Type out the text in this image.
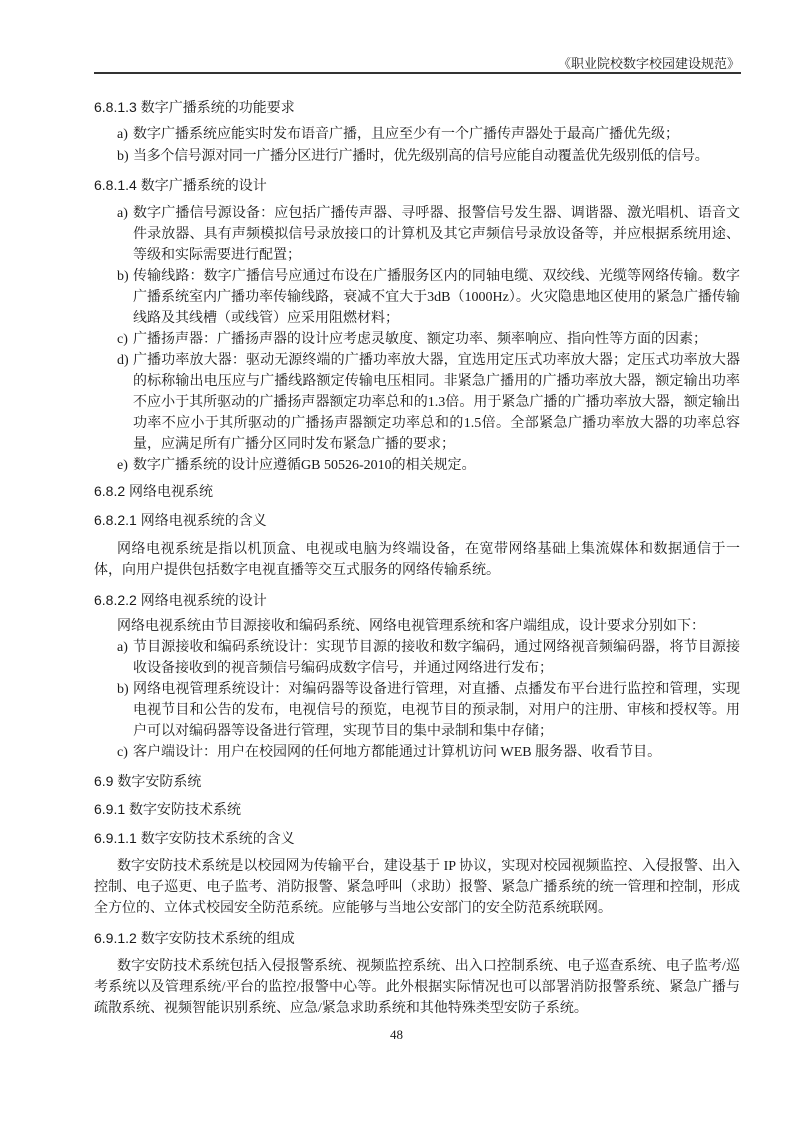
《职业院校数字校园建设规范》
6.8.1.3 数字广播系统的功能要求
a) 数字广播系统应能实时发布语音广播，且应至少有一个广播传声器处于最高广播优先级；
b) 当多个信号源对同一广播分区进行广播时，优先级别高的信号应能自动覆盖优先级别低的信号。
6.8.1.4 数字广播系统的设计
a) 数字广播信号源设备：应包括广播传声器、寻呼器、报警信号发生器、调谐器、激光唱机、语音文件录放器、具有声频模拟信号录放接口的计算机及其它声频信号录放设备等，并应根据系统用途、等级和实际需要进行配置；
b) 传输线路：数字广播信号应通过布设在广播服务区内的同轴电缆、双绞线、光缆等网络传输。数字广播系统室内广播功率传输线路，衰减不宜大于3dB（1000Hz）。火灾隐患地区使用的紧急广播传输线路及其线槽（或线管）应采用阻燃材料；
c) 广播扬声器：广播扬声器的设计应考虑灵敏度、额定功率、频率响应、指向性等方面的因素；
d) 广播功率放大器：驱动无源终端的广播功率放大器，宜选用定压式功率放大器；定压式功率放大器的标称输出电压应与广播线路额定传输电压相同。非紧急广播用的广播功率放大器，额定输出功率不应小于其所驱动的广播扬声器额定功率总和的1.3倍。用于紧急广播的广播功率放大器，额定输出功率不应小于其所驱动的广播扬声器额定功率总和的1.5倍。全部紧急广播功率放大器的功率总容量，应满足所有广播分区同时发布紧急广播的要求；
e) 数字广播系统的设计应遵循GB 50526-2010的相关规定。
6.8.2 网络电视系统
6.8.2.1 网络电视系统的含义
网络电视系统是指以机顶盒、电视或电脑为终端设备，在宽带网络基础上集流媒体和数据通信于一体，向用户提供包括数字电视直播等交互式服务的网络传输系统。
6.8.2.2 网络电视系统的设计
网络电视系统由节目源接收和编码系统、网络电视管理系统和客户端组成，设计要求分别如下：
a) 节目源接收和编码系统设计：实现节目源的接收和数字编码，通过网络视音频编码器，将节目源接收设备接收到的视音频信号编码成数字信号，并通过网络进行发布；
b) 网络电视管理系统设计：对编码器等设备进行管理，对直播、点播发布平台进行监控和管理，实现电视节目和公告的发布，电视信号的预览，电视节目的预录制，对用户的注册、审核和授权等。用户可以对编码器等设备进行管理，实现节目的集中录制和集中存储；
c) 客户端设计：用户在校园网的任何地方都能通过计算机访问 WEB 服务器、收看节目。
6.9 数字安防系统
6.9.1 数字安防技术系统
6.9.1.1 数字安防技术系统的含义
数字安防技术系统是以校园网为传输平台，建设基于 IP 协议，实现对校园视频监控、入侵报警、出入控制、电子巡更、电子监考、消防报警、紧急呼叫（求助）报警、紧急广播系统的统一管理和控制，形成全方位的、立体式校园安全防范系统。应能够与当地公安部门的安全防范系统联网。
6.9.1.2 数字安防技术系统的组成
数字安防技术系统包括入侵报警系统、视频监控系统、出入口控制系统、电子巡查系统、电子监考/巡考系统以及管理系统/平台的监控/报警中心等。此外根据实际情况也可以部署消防报警系统、紧急广播与疏散系统、视频智能识别系统、应急/紧急求助系统和其他特殊类型安防子系统。
48
